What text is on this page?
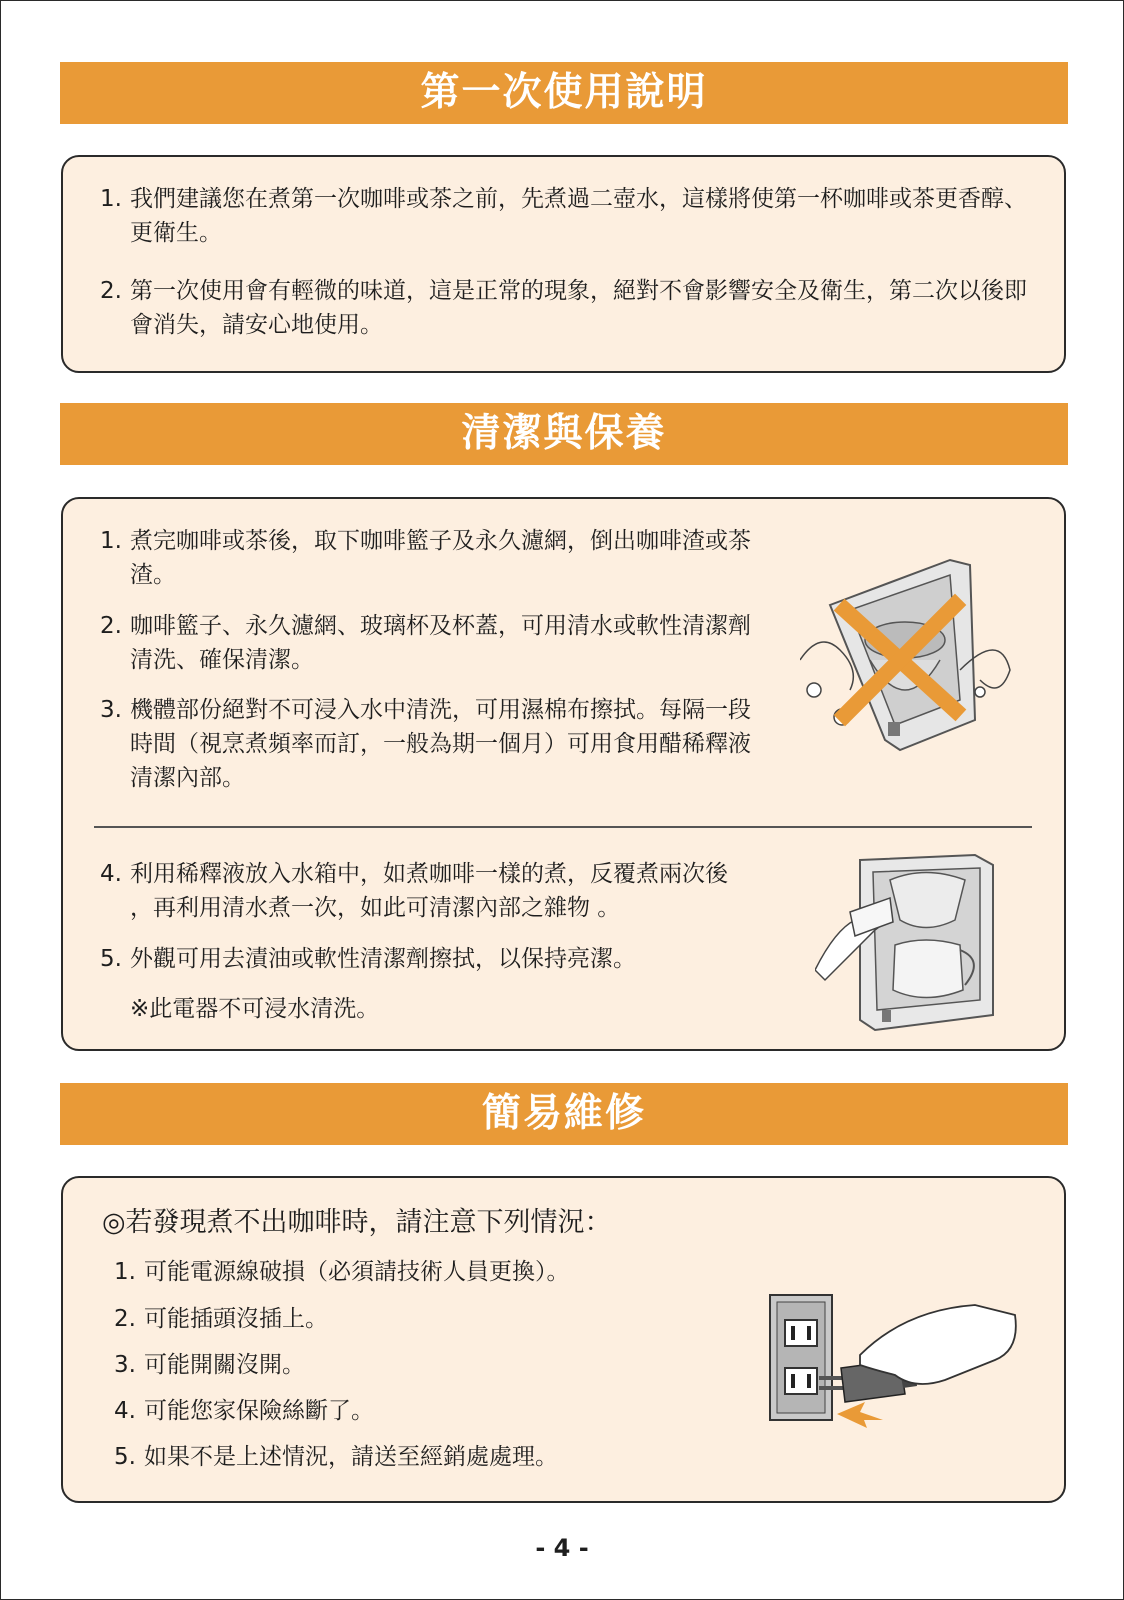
第一次使用說明
1. 我們建議您在煮第一次咖啡或茶之前，先煮過二壺水，這樣將使第一杯咖啡或茶更香醇、更衛生。
2. 第一次使用會有輕微的味道，這是正常的現象，絕對不會影響安全及衛生，第二次以後即會消失，請安心地使用。
清潔與保養
1. 煮完咖啡或茶後，取下咖啡籃子及永久濾網，倒出咖啡渣或茶渣。
2. 咖啡籃子、永久濾網、玻璃杯及杯蓋，可用清水或軟性清潔劑清洗、確保清潔。
3. 機體部份絕對不可浸入水中清洗，可用濕棉布擦拭。每隔一段時間（視烹煮頻率而訂，一般為期一個月）可用食用醋稀釋液清潔內部。
4. 利用稀釋液放入水箱中，如煮咖啡一樣的煮，反覆煮兩次後 ，再利用清水煮一次，如此可清潔內部之雜物 。
5. 外觀可用去漬油或軟性清潔劑擦拭，以保持亮潔。
※此電器不可浸水清洗。
簡易維修
◎若發現煮不出咖啡時，請注意下列情況：
1. 可能電源線破損（必須請技術人員更換）。
2. 可能插頭沒插上。
3. 可能開關沒開。
4. 可能您家保險絲斷了。
5. 如果不是上述情況，請送至經銷處處理。
- 4 -
